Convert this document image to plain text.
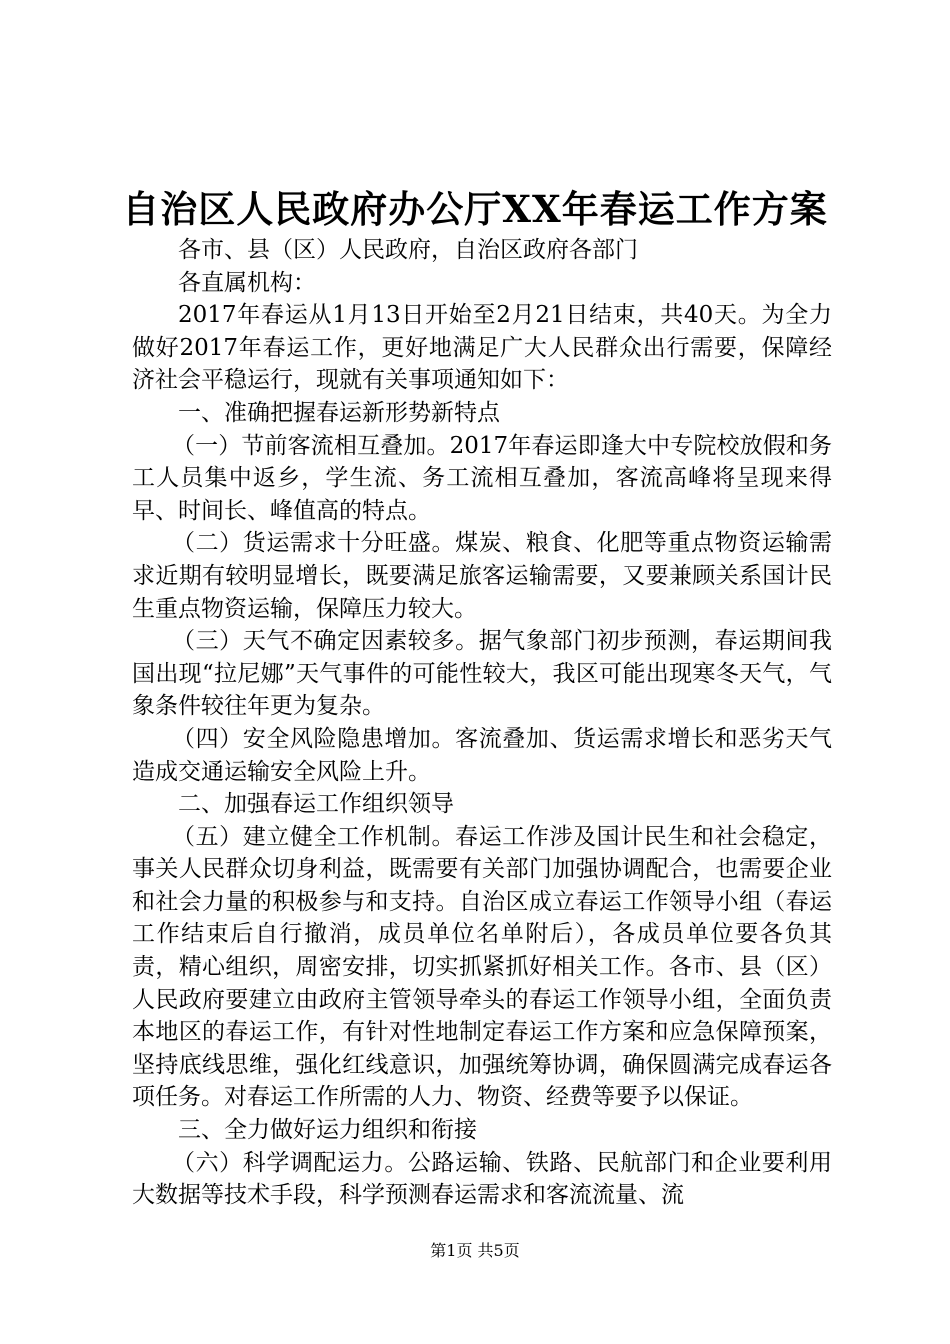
自治区人民政府办公厅XX年春运工作方案

各市、县（区）人民政府，自治区政府各部门

各直属机构：

2017年春运从1月13日开始至2月21日结束，共40天。为全力做好2017年春运工作，更好地满足广大人民群众出行需要，保障经济社会平稳运行，现就有关事项通知如下：

一、准确把握春运新形势新特点

（一）节前客流相互叠加。2017年春运即逢大中专院校放假和务工人员集中返乡，学生流、务工流相互叠加，客流高峰将呈现来得早、时间长、峰值高的特点。

（二）货运需求十分旺盛。煤炭、粮食、化肥等重点物资运输需求近期有较明显增长，既要满足旅客运输需要，又要兼顾关系国计民生重点物资运输，保障压力较大。

（三）天气不确定因素较多。据气象部门初步预测，春运期间我国出现“拉尼娜”天气事件的可能性较大，我区可能出现寒冬天气，气象条件较往年更为复杂。

（四）安全风险隐患增加。客流叠加、货运需求增长和恶劣天气造成交通运输安全风险上升。

二、加强春运工作组织领导

（五）建立健全工作机制。春运工作涉及国计民生和社会稳定，事关人民群众切身利益，既需要有关部门加强协调配合，也需要企业和社会力量的积极参与和支持。自治区成立春运工作领导小组（春运工作结束后自行撤消，成员单位名单附后），各成员单位要各负其责，精心组织，周密安排，切实抓紧抓好相关工作。各市、县（区）人民政府要建立由政府主管领导牵头的春运工作领导小组，全面负责本地区的春运工作，有针对性地制定春运工作方案和应急保障预案，坚持底线思维，强化红线意识，加强统筹协调，确保圆满完成春运各项任务。对春运工作所需的人力、物资、经费等要予以保证。

三、全力做好运力组织和衔接

（六）科学调配运力。公路运输、铁路、民航部门和企业要利用大数据等技术手段，科学预测春运需求和客流流量、流

第1页 共5页
